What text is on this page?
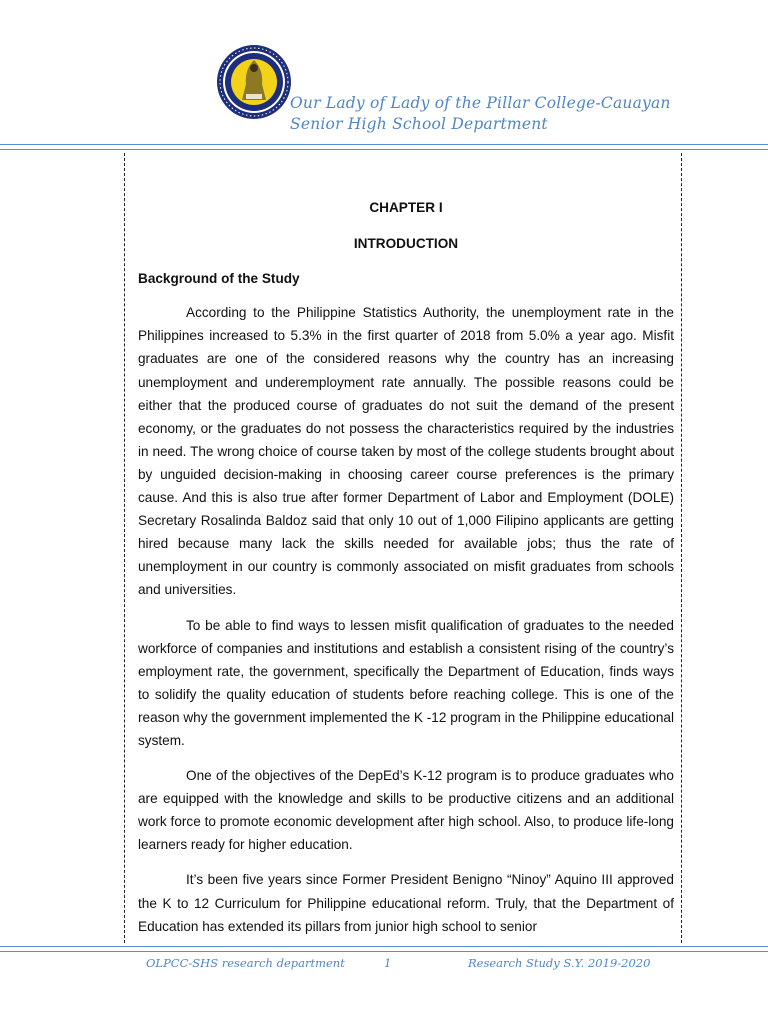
Our Lady of Lady of the Pillar College-Cauayan
Senior High School Department
CHAPTER I
INTRODUCTION
Background of the Study

According to the Philippine Statistics Authority, the unemployment rate in the Philippines increased to 5.3% in the first quarter of 2018 from 5.0% a year ago. Misfit graduates are one of the considered reasons why the country has an increasing unemployment and underemployment rate annually. The possible reasons could be either that the produced course of graduates do not suit the demand of the present economy, or the graduates do not possess the characteristics required by the industries in need. The wrong choice of course taken by most of the college students brought about by unguided decision-making in choosing career course preferences is the primary cause. And this is also true after former Department of Labor and Employment (DOLE) Secretary Rosalinda Baldoz said that only 10 out of 1,000 Filipino applicants are getting hired because many lack the skills needed for available jobs; thus the rate of unemployment in our country is commonly associated on misfit graduates from schools and universities.

To be able to find ways to lessen misfit qualification of graduates to the needed workforce of companies and institutions and establish a consistent rising of the country’s employment rate, the government, specifically the Department of Education, finds ways to solidify the quality education of students before reaching college. This is one of the reason why the government implemented the K -12 program in the Philippine educational system.

One of the objectives of the DepEd’s K-12 program is to produce graduates who are equipped with the knowledge and skills to be productive citizens and an additional work force to promote economic development after high school. Also, to produce life-long learners ready for higher education.

It’s been five years since Former President Benigno “Ninoy” Aquino III approved the K to 12 Curriculum for Philippine educational reform. Truly, that the Department of Education has extended its pillars from junior high school to senior

OLPCC-SHS research department	1	Research Study S.Y. 2019-2020
